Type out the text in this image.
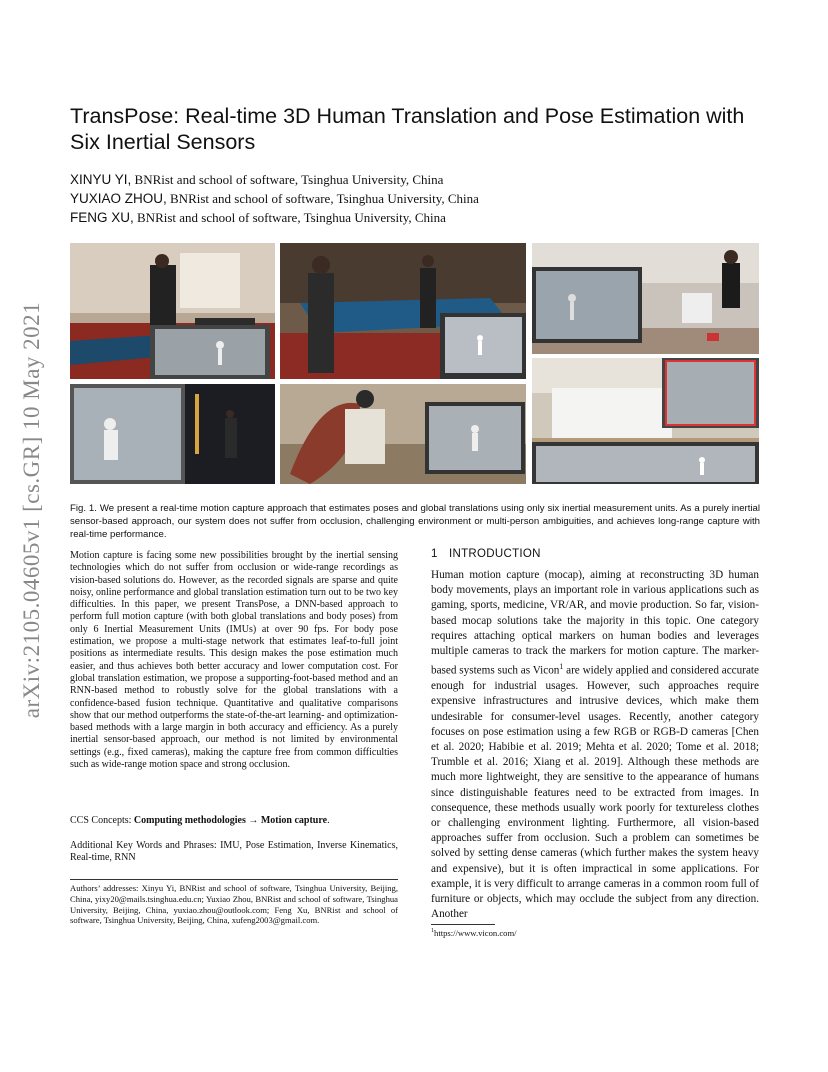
arXiv:2105.04605v1 [cs.GR] 10 May 2021
TransPose: Real-time 3D Human Translation and Pose Estimation with Six Inertial Sensors
XINYU YI, BNRist and school of software, Tsinghua University, China
YUXIAO ZHOU, BNRist and school of software, Tsinghua University, China
FENG XU, BNRist and school of software, Tsinghua University, China
Fig. 1. We present a real-time motion capture approach that estimates poses and global translations using only six inertial measurement units. As a purely inertial sensor-based approach, our system does not suffer from occlusion, challenging environment or multi-person ambiguities, and achieves long-range capture with real-time performance.
Motion capture is facing some new possibilities brought by the inertial sensing technologies which do not suffer from occlusion or wide-range recordings as vision-based solutions do. However, as the recorded signals are sparse and quite noisy, online performance and global translation estimation turn out to be two key difficulties. In this paper, we present TransPose, a DNN-based approach to perform full motion capture (with both global translations and body poses) from only 6 Inertial Measurement Units (IMUs) at over 90 fps. For body pose estimation, we propose a multi-stage network that estimates leaf-to-full joint positions as intermediate results. This design makes the pose estimation much easier, and thus achieves both better accuracy and lower computation cost. For global translation estimation, we propose a supporting-foot-based method and an RNN-based method to robustly solve for the global translations with a confidence-based fusion technique. Quantitative and qualitative comparisons show that our method outperforms the state-of-the-art learning- and optimization-based methods with a large margin in both accuracy and efficiency. As a purely inertial sensor-based approach, our method is not limited by environmental settings (e.g., fixed cameras), making the capture free from common difficulties such as wide-range motion space and strong occlusion.
CCS Concepts: Computing methodologies → Motion capture.
Additional Key Words and Phrases: IMU, Pose Estimation, Inverse Kinematics, Real-time, RNN
Authors’ addresses: Xinyu Yi, BNRist and school of software, Tsinghua University, Beijing, China, yixy20@mails.tsinghua.edu.cn; Yuxiao Zhou, BNRist and school of software, Tsinghua University, Beijing, China, yuxiao.zhou@outlook.com; Feng Xu, BNRist and school of software, Tsinghua University, Beijing, China, xufeng2003@gmail.com.
1 INTRODUCTION
Human motion capture (mocap), aiming at reconstructing 3D human body movements, plays an important role in various applications such as gaming, sports, medicine, VR/AR, and movie production. So far, vision-based mocap solutions take the majority in this topic. One category requires attaching optical markers on human bodies and leverages multiple cameras to track the markers for motion capture. The marker-based systems such as Vicon$^1$ are widely applied and considered accurate enough for industrial usages. However, such approaches require expensive infrastructures and intrusive devices, which make them undesirable for consumer-level usages. Recently, another category focuses on pose estimation using a few RGB or RGB-D cameras [Chen et al. 2020; Habibie et al. 2019; Mehta et al. 2020; Tome et al. 2018; Trumble et al. 2016; Xiang et al. 2019]. Although these methods are much more lightweight, they are sensitive to the appearance of humans since distinguishable features need to be extracted from images. In consequence, these methods usually work poorly for textureless clothes or challenging environment lighting. Furthermore, all vision-based approaches suffer from occlusion. Such a problem can sometimes be solved by setting dense cameras (which further makes the system heavy and expensive), but it is often impractical in some applications. For example, it is very difficult to arrange cameras in a common room full of furniture or objects, which may occlude the subject from any direction. Another
$^1$https://www.vicon.com/
